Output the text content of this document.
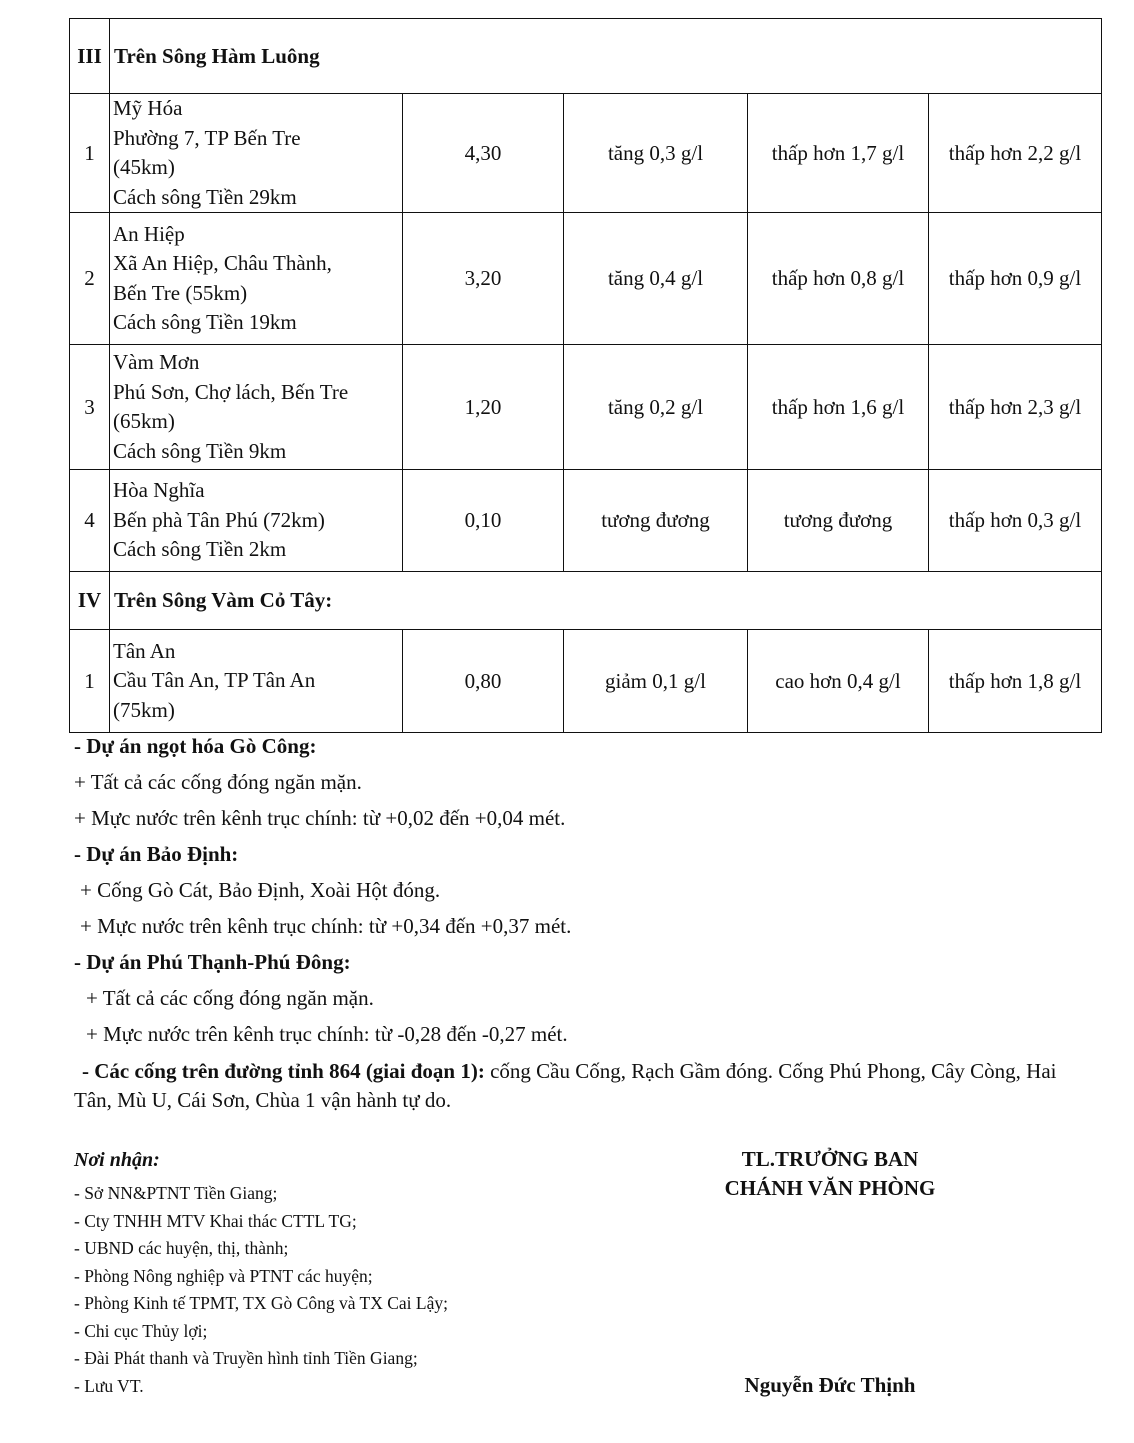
III	Trên Sông Hàm Luông				
1	Mỹ Hóa
Phường 7, TP Bến Tre
(45km)
Cách sông Tiền 29km	4,30	tăng 0,3 g/l	thấp hơn 1,7 g/l	thấp hơn 2,2 g/l
2	An Hiệp
Xã An Hiệp, Châu Thành,
Bến Tre (55km)
Cách sông Tiền 19km	3,20	tăng 0,4 g/l	thấp hơn 0,8 g/l	thấp hơn 0,9 g/l
3	Vàm Mơn
Phú Sơn, Chợ lách, Bến Tre
(65km)
Cách sông Tiền 9km	1,20	tăng 0,2 g/l	thấp hơn 1,6 g/l	thấp hơn 2,3 g/l
4	Hòa Nghĩa
Bến phà Tân Phú (72km)
Cách sông Tiền 2km	0,10	tương đương	tương đương	thấp hơn 0,3 g/l
IV	Trên Sông Vàm Cỏ Tây:				
1	Tân An
Cầu Tân An, TP Tân An
(75km)	0,80	giảm 0,1 g/l	cao hơn 0,4 g/l	thấp hơn 1,8 g/l
- Dự án ngọt hóa Gò Công:
+ Tất cả các cống đóng ngăn mặn.
+ Mực nước trên kênh trục chính: từ +0,02 đến +0,04 mét.
- Dự án Bảo Định:
+ Cống Gò Cát, Bảo Định, Xoài Hột đóng.
+ Mực nước trên kênh trục chính: từ +0,34 đến +0,37 mét.
- Dự án Phú Thạnh-Phú Đông:
+ Tất cả các cống đóng ngăn mặn.
+ Mực nước trên kênh trục chính: từ -0,28 đến -0,27 mét.
- Các cống trên đường tỉnh 864 (giai đoạn 1): cống Cầu Cống, Rạch Gầm đóng. Cống Phú Phong, Cây Còng, Hai Tân, Mù U, Cái Sơn, Chùa 1 vận hành tự do.
Nơi nhận:
- Sở NN&PTNT Tiền Giang;
- Cty TNHH MTV Khai thác CTTL TG;
- UBND các huyện, thị, thành;
- Phòng Nông nghiệp và PTNT các huyện;
- Phòng Kinh tế TPMT, TX Gò Công và TX Cai Lậy;
- Chi cục Thủy lợi;
- Đài Phát thanh và Truyền hình tỉnh Tiền Giang;
- Lưu VT.
TL.TRƯỞNG BAN
CHÁNH VĂN PHÒNG
Nguyễn Đức Thịnh
